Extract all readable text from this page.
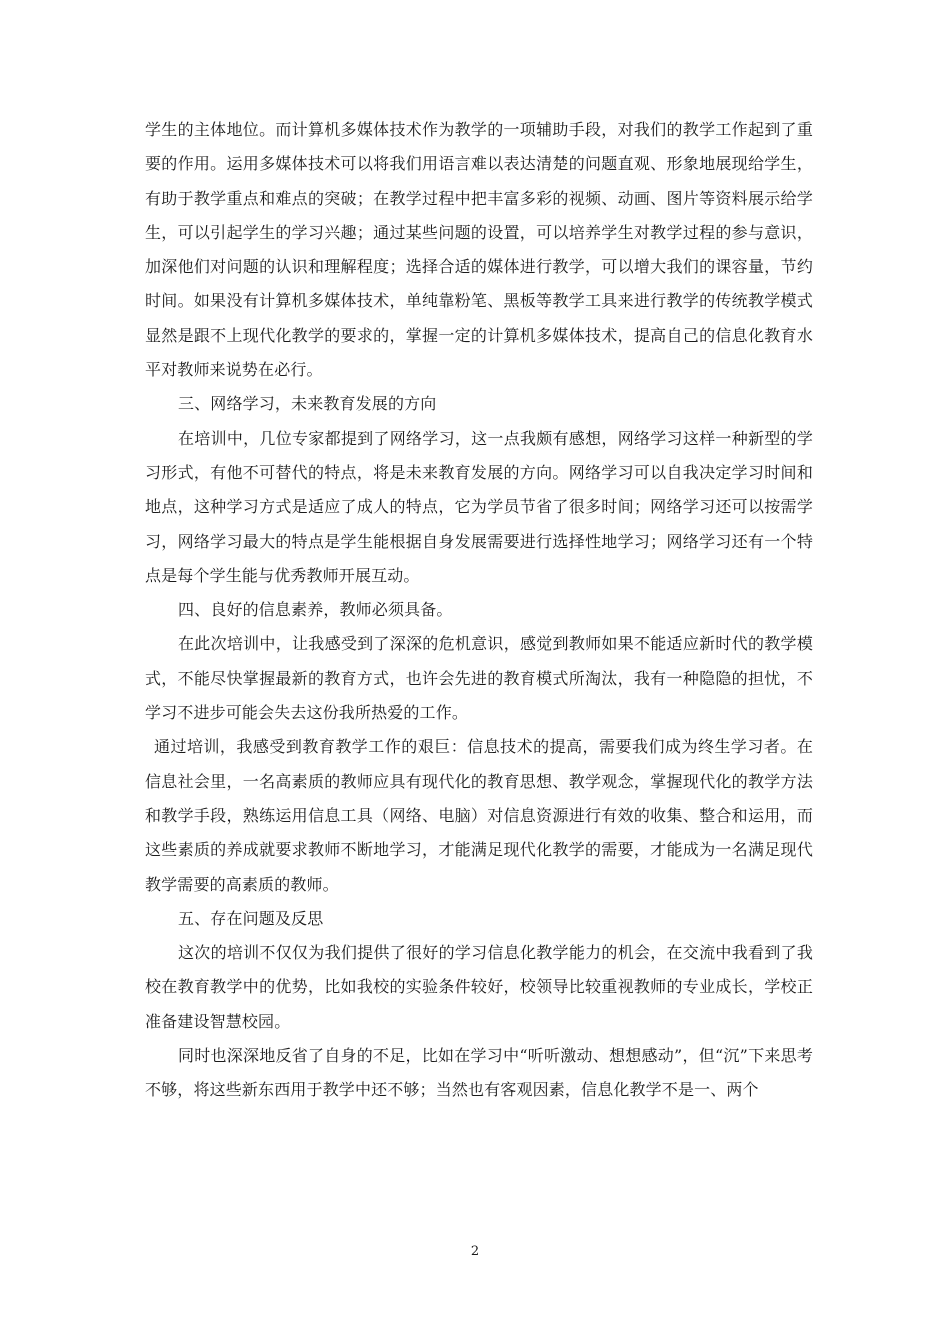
学生的主体地位。而计算机多媒体技术作为教学的一项辅助手段，对我们的教学工作起到了重要的作用。运用多媒体技术可以将我们用语言难以表达清楚的问题直观、形象地展现给学生，有助于教学重点和难点的突破；在教学过程中把丰富多彩的视频、动画、图片等资料展示给学生，可以引起学生的学习兴趣；通过某些问题的设置，可以培养学生对教学过程的参与意识，加深他们对问题的认识和理解程度；选择合适的媒体进行教学，可以增大我们的课容量，节约时间。如果没有计算机多媒体技术，单纯靠粉笔、黑板等教学工具来进行教学的传统教学模式显然是跟不上现代化教学的要求的，掌握一定的计算机多媒体技术，提高自己的信息化教育水平对教师来说势在必行。

三、网络学习，未来教育发展的方向

在培训中，几位专家都提到了网络学习，这一点我颇有感想，网络学习这样一种新型的学习形式，有他不可替代的特点，将是未来教育发展的方向。网络学习可以自我决定学习时间和地点，这种学习方式是适应了成人的特点，它为学员节省了很多时间；网络学习还可以按需学习，网络学习最大的特点是学生能根据自身发展需要进行选择性地学习；网络学习还有一个特点是每个学生能与优秀教师开展互动。

四、良好的信息素养，教师必须具备。

在此次培训中，让我感受到了深深的危机意识，感觉到教师如果不能适应新时代的教学模式，不能尽快掌握最新的教育方式，也许会先进的教育模式所淘汰，我有一种隐隐的担忧，不学习不进步可能会失去这份我所热爱的工作。

通过培训，我感受到教育教学工作的艰巨：信息技术的提高，需要我们成为终生学习者。在信息社会里，一名高素质的教师应具有现代化的教育思想、教学观念，掌握现代化的教学方法和教学手段，熟练运用信息工具（网络、电脑）对信息资源进行有效的收集、整合和运用，而这些素质的养成就要求教师不断地学习，才能满足现代化教学的需要，才能成为一名满足现代教学需要的高素质的教师。

五、存在问题及反思

这次的培训不仅仅为我们提供了很好的学习信息化教学能力的机会，在交流中我看到了我校在教育教学中的优势，比如我校的实验条件较好，校领导比较重视教师的专业成长，学校正准备建设智慧校园。

同时也深深地反省了自身的不足，比如在学习中“听听激动、想想感动”，但“沉”下来思考不够，将这些新东西用于教学中还不够；当然也有客观因素，信息化教学不是一、两个

2
